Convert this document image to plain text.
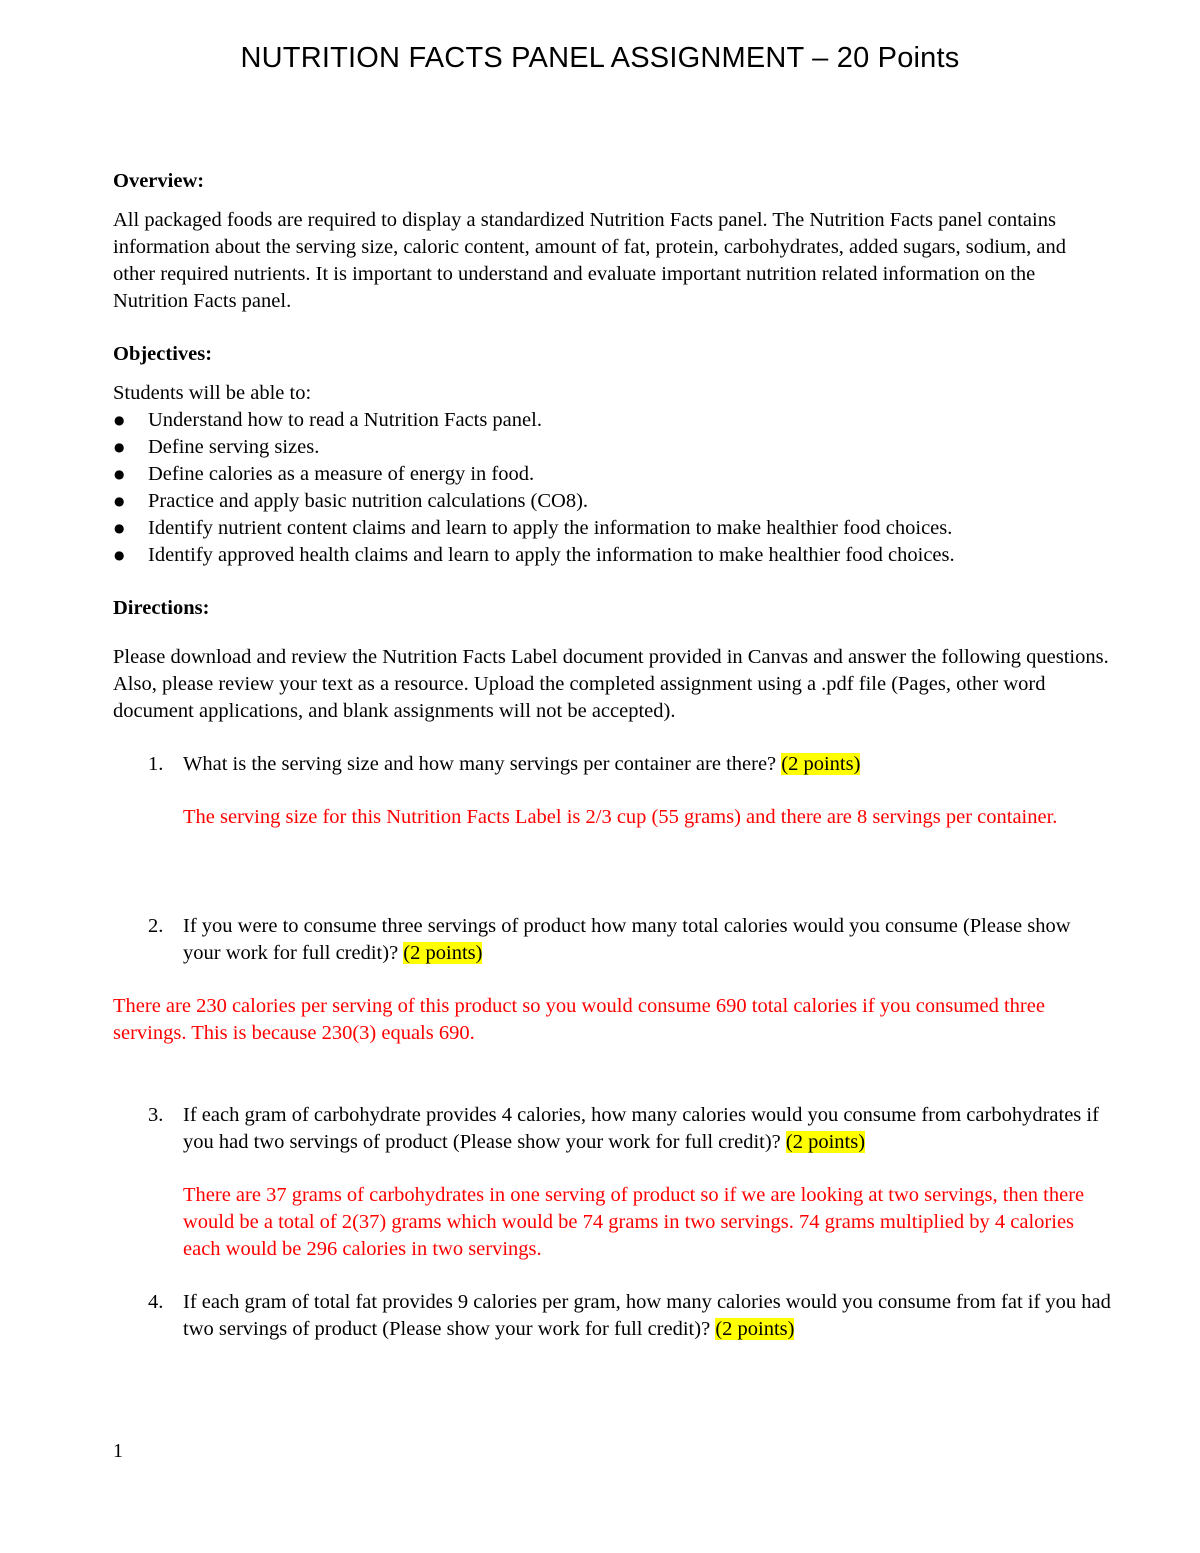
NUTRITION FACTS PANEL ASSIGNMENT – 20 Points

Overview:

All packaged foods are required to display a standardized Nutrition Facts panel. The Nutrition Facts panel contains information about the serving size, caloric content, amount of fat, protein, carbohydrates, added sugars, sodium, and other required nutrients. It is important to understand and evaluate important nutrition related information on the Nutrition Facts panel.

Objectives:

Students will be able to:

● Understand how to read a Nutrition Facts panel.
● Define serving sizes.
● Define calories as a measure of energy in food.
● Practice and apply basic nutrition calculations (CO8).
● Identify nutrient content claims and learn to apply the information to make healthier food choices.
● Identify approved health claims and learn to apply the information to make healthier food choices.

Directions:

Please download and review the Nutrition Facts Label document provided in Canvas and answer the following questions. Also, please review your text as a resource. Upload the completed assignment using a .pdf file (Pages, other word document applications, and blank assignments will not be accepted).

1. What is the serving size and how many servings per container are there? (2 points)

The serving size for this Nutrition Facts Label is 2/3 cup (55 grams) and there are 8 servings per container.

2. If you were to consume three servings of product how many total calories would you consume (Please show your work for full credit)? (2 points)

There are 230 calories per serving of this product so you would consume 690 total calories if you consumed three servings. This is because 230(3) equals 690.

3. If each gram of carbohydrate provides 4 calories, how many calories would you consume from carbohydrates if you had two servings of product (Please show your work for full credit)? (2 points)

There are 37 grams of carbohydrates in one serving of product so if we are looking at two servings, then there would be a total of 2(37) grams which would be 74 grams in two servings. 74 grams multiplied by 4 calories each would be 296 calories in two servings.

4. If each gram of total fat provides 9 calories per gram, how many calories would you consume from fat if you had two servings of product (Please show your work for full credit)? (2 points)
1
